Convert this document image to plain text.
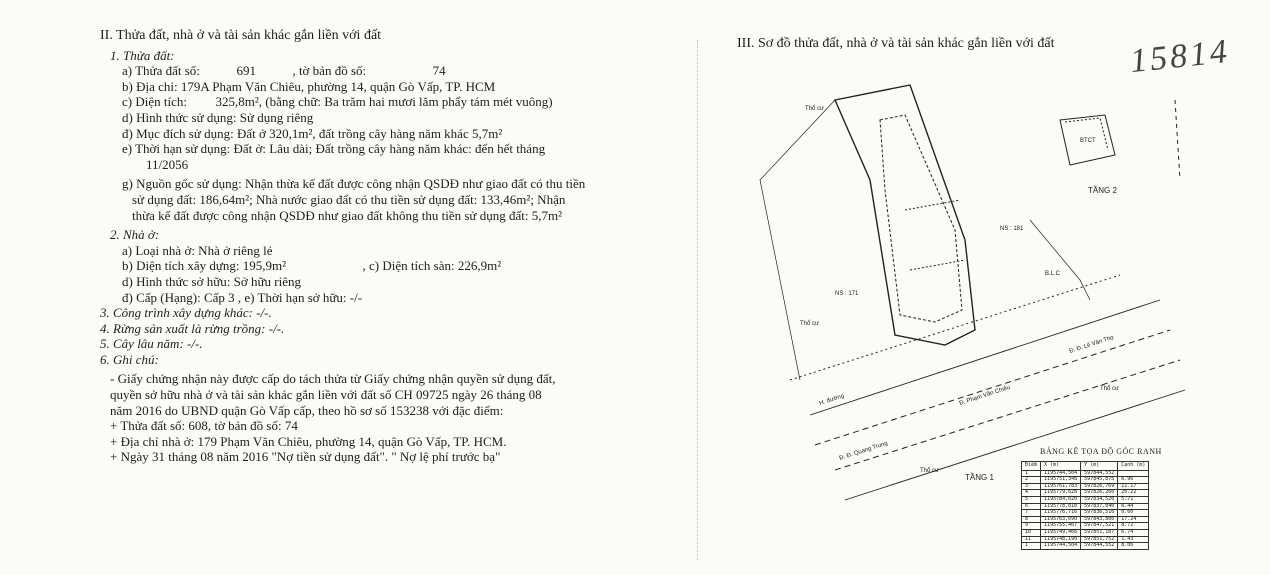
II. Thửa đất, nhà ở và tài sản khác gắn liền với đất
1. Thửa đất:
a) Thửa đất số:	691	, tờ bản đồ số:	74
b) Địa chỉ: 179A Phạm Văn Chiêu, phường 14, quận Gò Vấp, TP. HCM
c) Diện tích: 325,8m², (bằng chữ: Ba trăm hai mươi lăm phẩy tám mét vuông)
d) Hình thức sử dụng: Sử dụng riêng
đ) Mục đích sử dụng: Đất ở 320,1m², đất trồng cây hàng năm khác 5,7m²
e) Thời hạn sử dụng: Đất ở: Lâu dài; Đất trồng cây hàng năm khác: đến hết tháng
11/2056
g) Nguồn gốc sử dụng: Nhận thừa kế đất được công nhận QSDĐ như giao đất có thu tiền
sử dụng đất: 186,64m²; Nhà nước giao đất có thu tiền sử dụng đất: 133,46m²; Nhận
thừa kế đất được công nhận QSDĐ như giao đất không thu tiền sử dụng đất: 5,7m²
2. Nhà ở:
a) Loại nhà ở: Nhà ở riêng lẻ
b) Diện tích xây dựng: 195,9m²	, c) Diện tích sàn: 226,9m²
d) Hình thức sở hữu: Sở hữu riêng
đ) Cấp (Hạng): Cấp 3 , e) Thời hạn sở hữu: -/-
3. Công trình xây dựng khác: -/-.
4. Rừng sản xuất là rừng trồng: -/-.
5. Cây lâu năm: -/-.
6. Ghi chú:
- Giấy chứng nhận này được cấp do tách thửa từ Giấy chứng nhận quyền sử dụng đất,
quyền sở hữu nhà ở và tài sản khác gắn liền với đất số CH 09725 ngày 26 tháng 08
năm 2016 do UBND quận Gò Vấp cấp, theo hồ sơ số 153238 với đặc điểm:
+ Thửa đất số: 608, tờ bản đồ số: 74
+ Địa chỉ nhà ở: 179 Phạm Văn Chiêu, phường 14, quận Gò Vấp, TP. HCM.
+ Ngày 31 tháng 08 năm 2016 "Nợ tiền sử dụng đất". " Nợ lệ phí trước bạ"
III. Sơ đồ thửa đất, nhà ở và tài sản khác gắn liền với đất 15814
TẦNG 2
TẦNG 1
BTCT
NS : 181
NS : 171
B.L.C
Thổ cư
Thổ cư
Thổ cư
Thổ cư
H. đường	Đ. Phạm Văn Chiêu
Đ. Đ. Quang Trung
Đ. Đ. Lê Văn Thọ
BẢNG KÊ TỌA ĐỘ GÓC RANH
Điểm	X (m)	Y (m)	Cạnh (m)
1	1195744,504	597844,552	
2	1195751,348	597845,875	6.96
3	1195761,783	597826,769	11.17
4	1195779,628	597826,260	20.22
5	1195784,020	597834,520	5.71
6	1195778,010	597837,040	6.44
7	1195776,716	597836,516	0.60
8	1195763,090	597843,800	17.24
9	1195755,407	597847,521	8.72
10	1195749,466	597851,107	6.74
11	1195748,190	597851,752	1.43
1	1195744,504	597844,552	8.06
